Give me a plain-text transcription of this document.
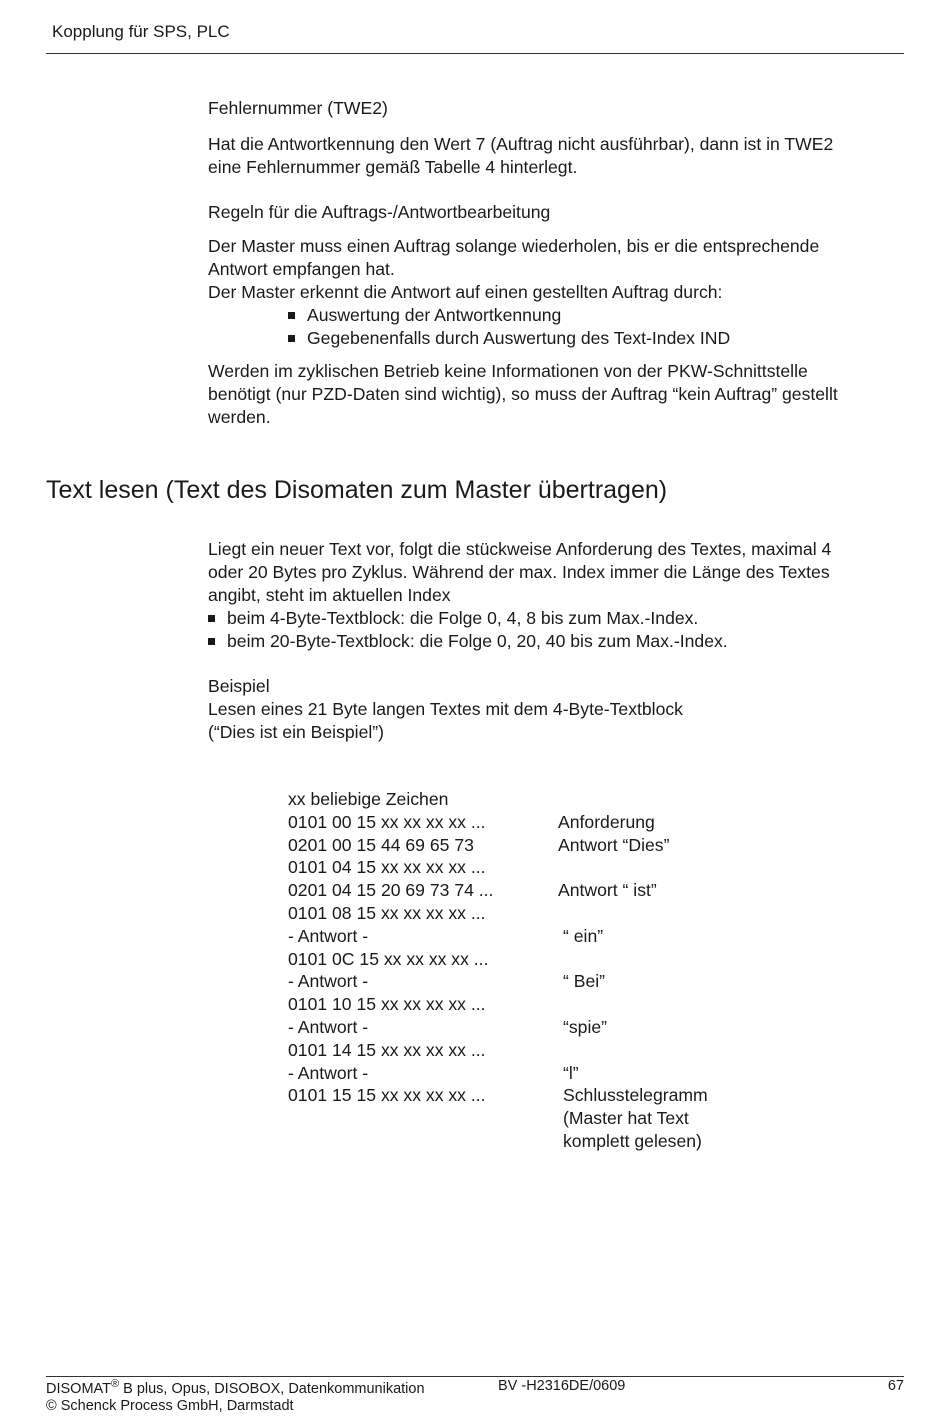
Kopplung für SPS, PLC
Fehlernummer (TWE2)
Hat die Antwortkennung den Wert 7 (Auftrag nicht ausführbar), dann ist in TWE2
eine Fehlernummer gemäß Tabelle 4 hinterlegt.
Regeln für die Auftrags-/Antwortbearbeitung
Der Master muss einen Auftrag solange wiederholen, bis er die entsprechende
Antwort empfangen hat.
Der Master erkennt die Antwort auf einen gestellten Auftrag durch:
Auswertung der Antwortkennung
Gegebenenfalls durch Auswertung des Text-Index IND
Werden im zyklischen Betrieb keine Informationen von der PKW-Schnittstelle
benötigt (nur PZD-Daten sind wichtig), so muss der Auftrag “kein Auftrag” gestellt
werden.
Text lesen (Text des Disomaten zum Master übertragen)
Liegt ein neuer Text vor, folgt die stückweise Anforderung des Textes, maximal 4
oder 20 Bytes pro Zyklus. Während der max. Index immer die Länge des Textes
angibt, steht im aktuellen Index
beim 4-Byte-Textblock: die Folge 0, 4, 8 bis zum Max.-Index.
beim 20-Byte-Textblock: die Folge 0, 20, 40 bis zum Max.-Index.
Beispiel
Lesen eines 21 Byte langen Textes mit dem 4-Byte-Textblock
(“Dies ist ein Beispiel”)
xx beliebige Zeichen
0101 00 15 xx xx xx xx ...	Anforderung
0201 00 15 44 69 65 73	Antwort “Dies”
0101 04 15 xx xx xx xx ...
0201 04 15 20 69 73 74 ...	Antwort “ ist”
0101 08 15 xx xx xx xx ...
- Antwort -	“ ein”
0101 0C 15 xx xx xx xx ...
- Antwort -	“ Bei”
0101 10 15 xx xx xx xx ...
- Antwort -	“spie”
0101 14 15 xx xx xx xx ...
- Antwort -	“l”
0101 15 15 xx xx xx xx ...	Schlusstelegramm
(Master hat Text
komplett gelesen)
DISOMAT® B plus, Opus, DISOBOX, Datenkommunikation	BV -H2316DE/0609	67
© Schenck Process GmbH, Darmstadt
